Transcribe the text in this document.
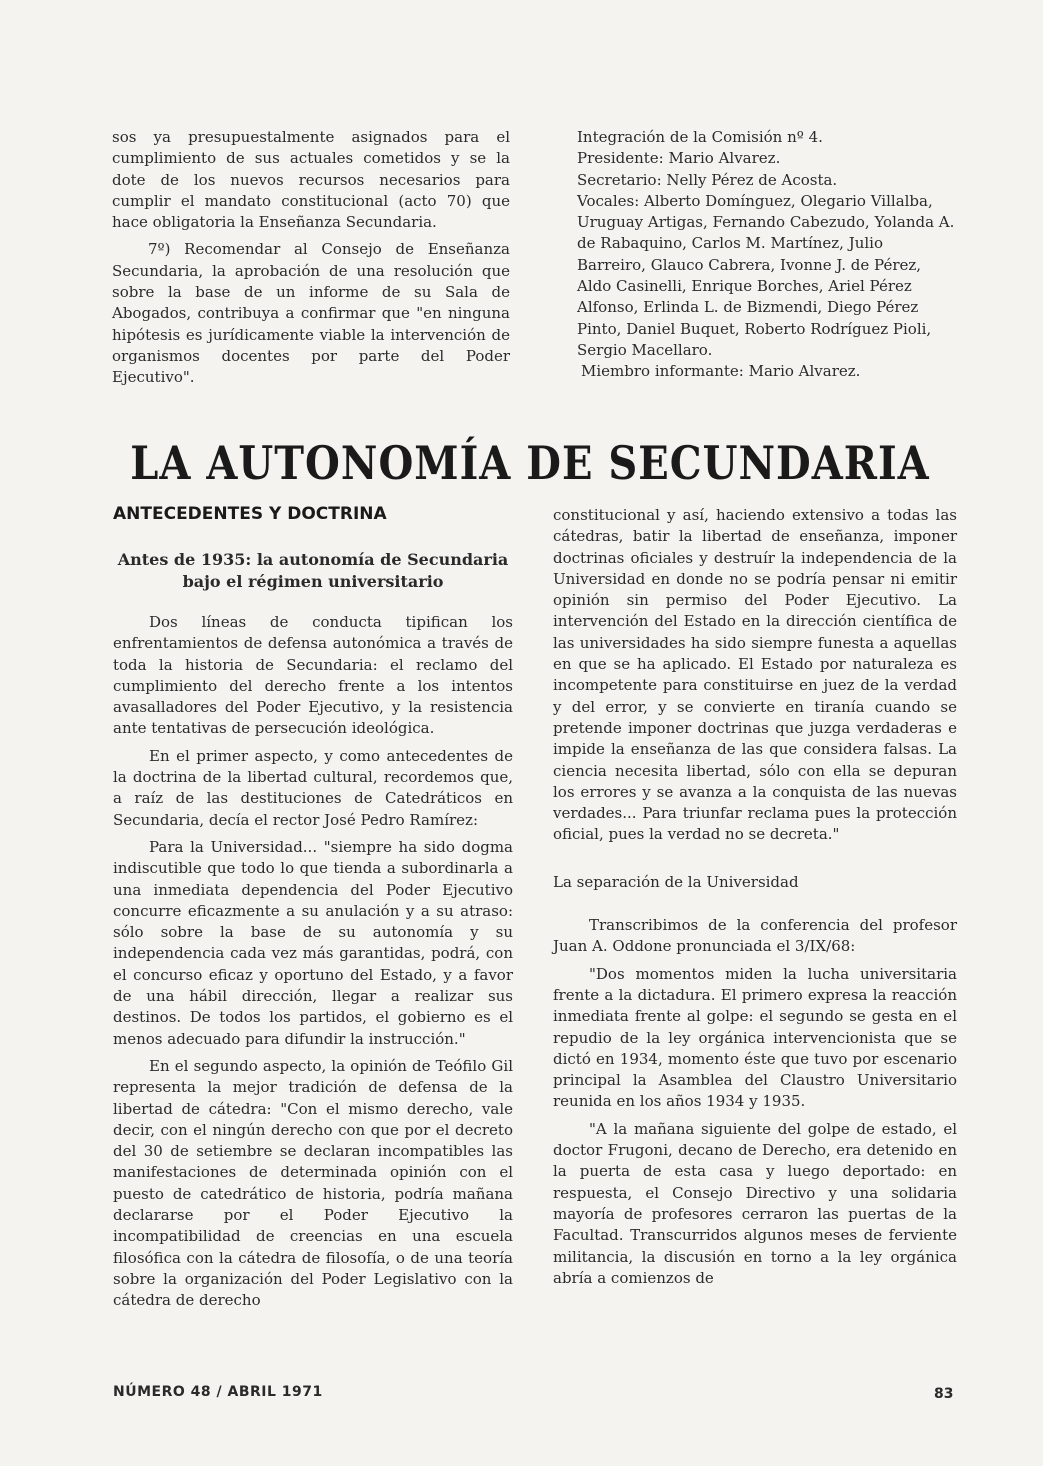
sos ya presupuestalmente asignados para el cumplimiento de sus actuales cometidos y se la dote de los nuevos recursos necesarios para cumplir el mandato constitucional (acto 70) que hace obligatoria la Enseñanza Secundaria.

7º) Recomendar al Consejo de Enseñanza Secundaria, la aprobación de una resolución que sobre la base de un informe de su Sala de Abogados, contribuya a confirmar que "en ninguna hipótesis es jurídicamente viable la intervención de organismos docentes por parte del Poder Ejecutivo".

Integración de la Comisión nº 4.

Presidente: Mario Alvarez.

Secretario: Nelly Pérez de Acosta.

Vocales: Alberto Domínguez, Olegario Villalba, Uruguay Artigas, Fernando Cabezudo, Yolanda A. de Rabaquino, Carlos M. Martínez, Julio Barreiro, Glauco Cabrera, Ivonne J. de Pérez, Aldo Casinelli, Enrique Borches, Ariel Pérez Alfonso, Erlinda L. de Bizmendi, Diego Pérez Pinto, Daniel Buquet, Roberto Rodríguez Pioli, Sergio Macellaro.

Miembro informante: Mario Alvarez.

LA AUTONOMÍA DE SECUNDARIA
ANTECEDENTES Y DOCTRINA
Antes de 1935: la autonomía de Secundaria bajo el régimen universitario

Dos líneas de conducta tipifican los enfrentamientos de defensa autonómica a través de toda la historia de Secundaria: el reclamo del cumplimiento del derecho frente a los intentos avasalladores del Poder Ejecutivo, y la resistencia ante tentativas de persecución ideológica.

En el primer aspecto, y como antecedentes de la doctrina de la libertad cultural, recordemos que, a raíz de las destituciones de Catedráticos en Secundaria, decía el rector José Pedro Ramírez:

Para la Universidad... "siempre ha sido dogma indiscutible que todo lo que tienda a subordinarla a una inmediata dependencia del Poder Ejecutivo concurre eficazmente a su anulación y a su atraso: sólo sobre la base de su autonomía y su independencia cada vez más garantidas, podrá, con el concurso eficaz y oportuno del Estado, y a favor de una hábil dirección, llegar a realizar sus destinos. De todos los partidos, el gobierno es el menos adecuado para difundir la instrucción."

En el segundo aspecto, la opinión de Teófilo Gil representa la mejor tradición de defensa de la libertad de cátedra: "Con el mismo derecho, vale decir, con el ningún derecho con que por el decreto del 30 de setiembre se declaran incompatibles las manifestaciones de determinada opinión con el puesto de catedrático de historia, podría mañana declararse por el Poder Ejecutivo la incompatibilidad de creencias en una escuela filosófica con la cátedra de filosofía, o de una teoría sobre la organización del Poder Legislativo con la cátedra de derecho

constitucional y así, haciendo extensivo a todas las cátedras, batir la libertad de enseñanza, imponer doctrinas oficiales y destruír la independencia de la Universidad en donde no se podría pensar ni emitir opinión sin permiso del Poder Ejecutivo. La intervención del Estado en la dirección científica de las universidades ha sido siempre funesta a aquellas en que se ha aplicado. El Estado por naturaleza es incompetente para constituirse en juez de la verdad y del error, y se convierte en tiranía cuando se pretende imponer doctrinas que juzga verdaderas e impide la enseñanza de las que considera falsas. La ciencia necesita libertad, sólo con ella se depuran los errores y se avanza a la conquista de las nuevas verdades... Para triunfar reclama pues la protección oficial, pues la verdad no se decreta."

La separación de la Universidad

Transcribimos de la conferencia del profesor Juan A. Oddone pronunciada el 3/IX/68:

"Dos momentos miden la lucha universitaria frente a la dictadura. El primero expresa la reacción inmediata frente al golpe: el segundo se gesta en el repudio de la ley orgánica intervencionista que se dictó en 1934, momento éste que tuvo por escenario principal la Asamblea del Claustro Universitario reunida en los años 1934 y 1935.

"A la mañana siguiente del golpe de estado, el doctor Frugoni, decano de Derecho, era detenido en la puerta de esta casa y luego deportado: en respuesta, el Consejo Directivo y una solidaria mayoría de profesores cerraron las puertas de la Facultad. Transcurridos algunos meses de ferviente militancia, la discusión en torno a la ley orgánica abría a comienzos de

NÚMERO 48 / ABRIL 1971	83
